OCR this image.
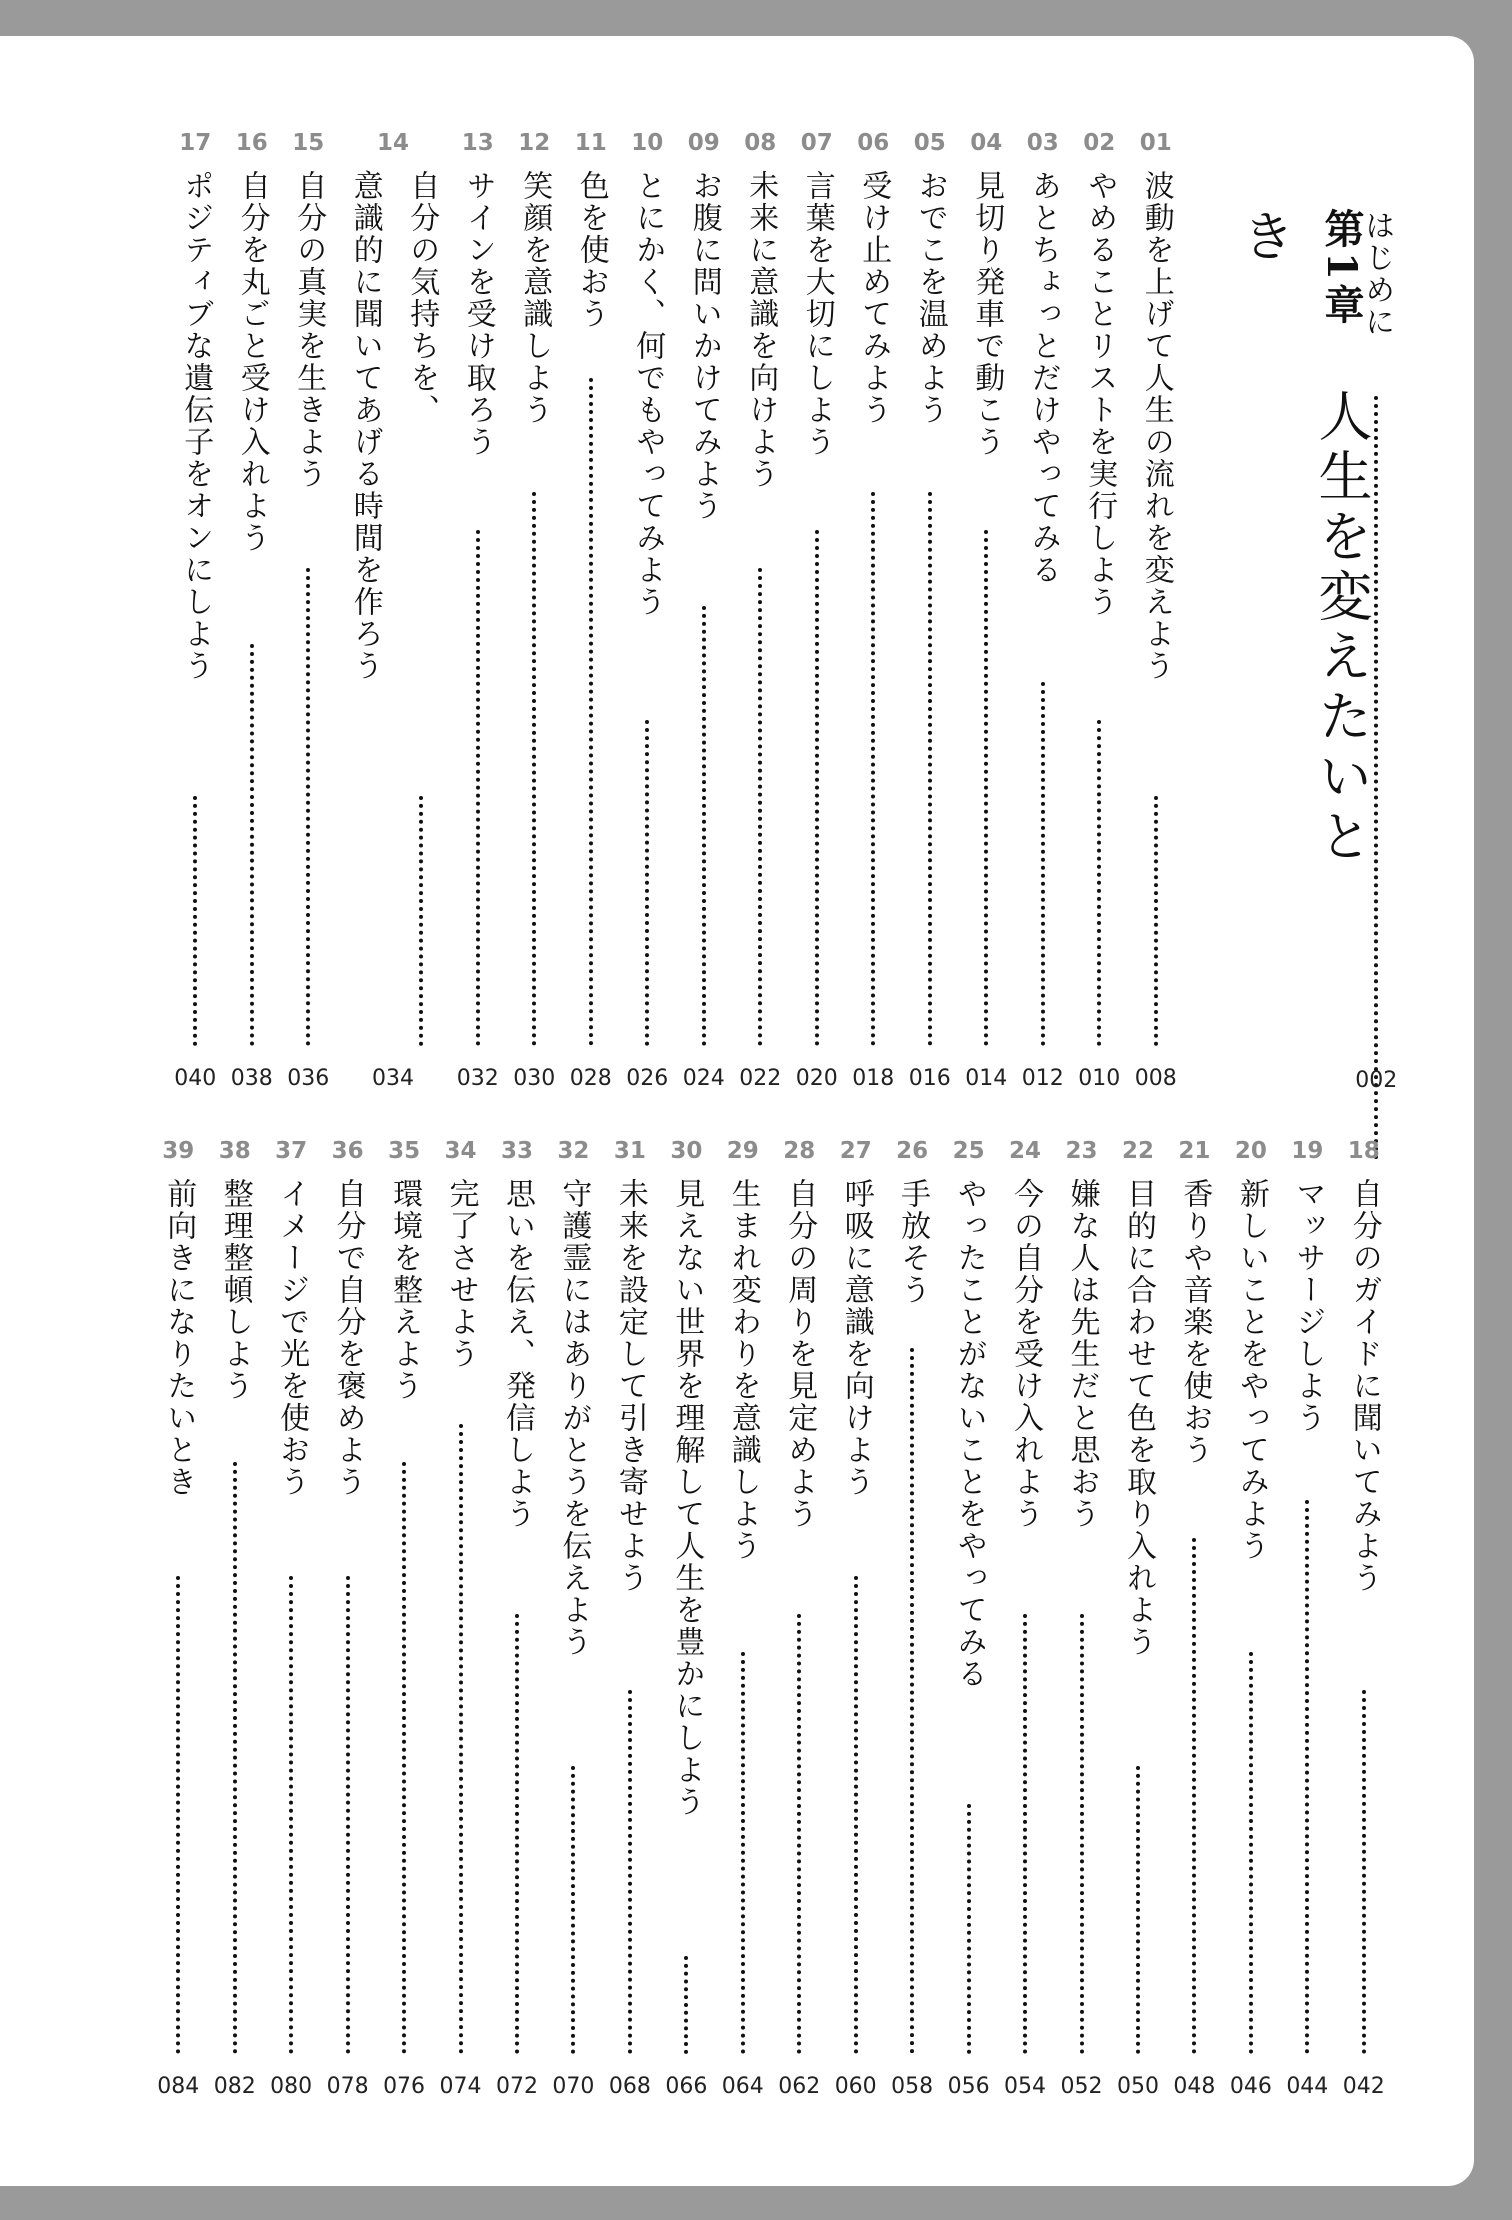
はじめに
002
第1章人生を変えたいとき
01
波動を上げて人生の流れを変えよう
008
02
やめることリストを実行しよう
010
03
あとちょっとだけやってみる
012
04
見切り発車で動こう
014
05
おでこを温めよう
016
06
受け止めてみよう
018
07
言葉を大切にしよう
020
08
未来に意識を向けよう
022
09
お腹に問いかけてみよう
024
10
とにかく、何でもやってみよう
026
11
色を使おう
028
12
笑顔を意識しよう
030
13
サインを受け取ろう
032
14
自分の気持ちを、
意識的に聞いてあげる時間を作ろう
034
15
自分の真実を生きよう
036
16
自分を丸ごと受け入れよう
038
17
ポジティブな遺伝子をオンにしよう
040
18
自分のガイドに聞いてみよう
042
19
マッサージしよう
044
20
新しいことをやってみよう
046
21
香りや音楽を使おう
048
22
目的に合わせて色を取り入れよう
050
23
嫌な人は先生だと思おう
052
24
今の自分を受け入れよう
054
25
やったことがないことをやってみる
056
26
手放そう
058
27
呼吸に意識を向けよう
060
28
自分の周りを見定めよう
062
29
生まれ変わりを意識しよう
064
30
見えない世界を理解して人生を豊かにしよう
066
31
未来を設定して引き寄せよう
068
32
守護霊にはありがとうを伝えよう
070
33
思いを伝え、発信しよう
072
34
完了させよう
074
35
環境を整えよう
076
36
自分で自分を褒めよう
078
37
イメージで光を使おう
080
38
整理整頓しよう
082
39
前向きになりたいとき
084
